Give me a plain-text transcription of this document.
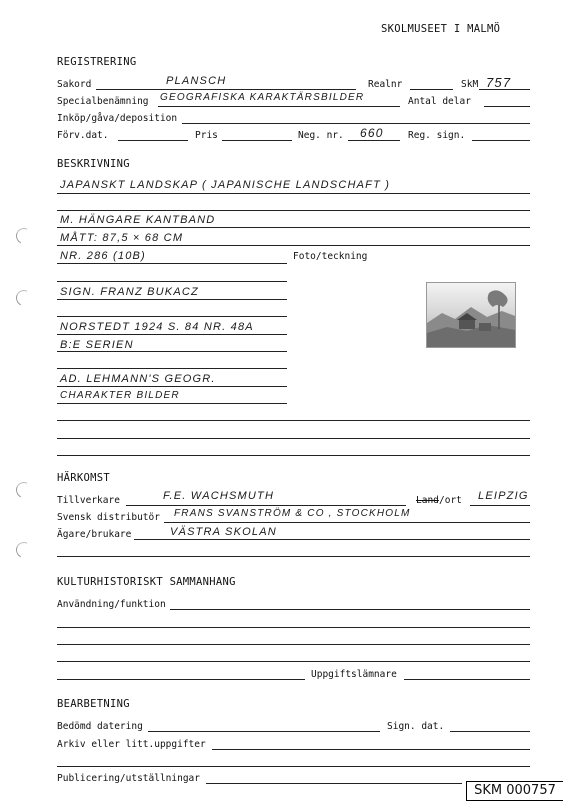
SKOLMUSEET I MALMÖ
REGISTRERING
Sakord	PLANSCH	Realnr	SkM 757
Specialbenämning GEOGRAFISKA KARAKTÄRSBILDER	Antal delar
Inköp/gåva/deposition
Förv.dat.	Pris	Neg. nr. 660	Reg. sign.
BESKRIVNING
JAPANSKT LANDSKAP ( JAPANISCHE LANDSCHAFT )
M. HÄNGARE KANTBAND
MÅTT: 87,5 × 68 CM
NR. 286 (10B)	Foto/teckning
SIGN. FRANZ BUKACZ
NORSTEDT 1924 S. 84 NR. 48A
B:E SERIEN
AD. LEHMANN'S GEOGR.
CHARAKTER BILDER
HÄRKOMST
Tillverkare	F.E. WACHSMUTH	Land /ort LEIPZIG
Svensk distributör FRANS SVANSTRÖM & CO , STOCKHOLM
Ägare/brukare	VÄSTRA SKOLAN
KULTURHISTORISKT SAMMANHANG
Användning/funktion
Uppgiftslämnare
BEARBETNING
Bedömd datering	Sign. dat.
Arkiv eller litt.uppgifter
Publicering/utställningar
SKM 000757
